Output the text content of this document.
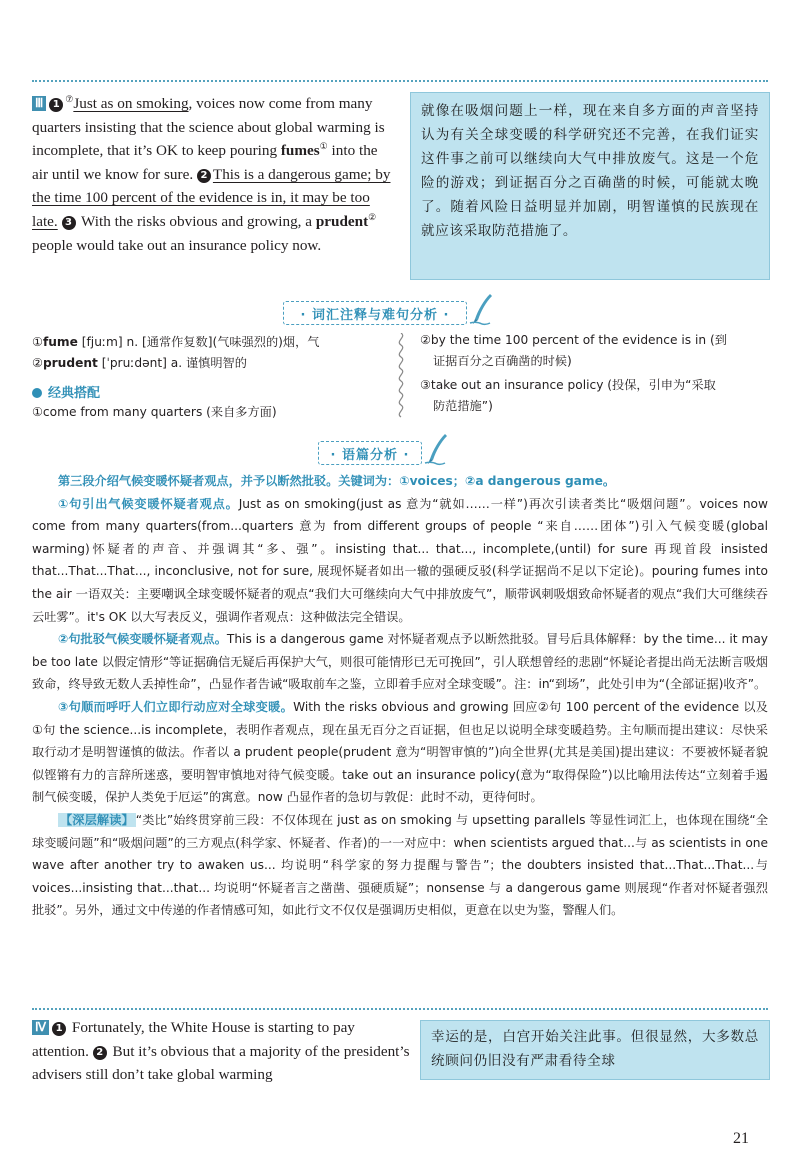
Ⅲ 1⑦Just as on smoking, voices now come from many quarters insisting that the science about global warming is incomplete, that it’s OK to keep pouring fumes① into the air until we know for sure. 2 This is a dangerous game; by the time 100 percent of the evidence is in, it may be too late. 3 With the risks obvious and growing, a prudent② people would take out an insurance policy now.
就像在吸烟问题上一样，现在来自多方面的声音坚持认为有关全球变暖的科学研究还不完善，在我们证实这件事之前可以继续向大气中排放废气。这是一个危险的游戏；到证据百分之百确凿的时候，可能就太晚了。随着风险日益明显并加剧，明智谨慎的民族现在就应该采取防范措施了。
· 词汇注释与难句分析 ·
①fume [fjuːm] n. [通常作复数](气味强烈的)烟，气
②prudent [ˈpruːdənt] a. 谨慎明智的
经典搭配
①come from many quarters (来自多方面)
②by the time 100 percent of the evidence is in (到
证据百分之百确凿的时候)
③take out an insurance policy (投保，引申为“采取
防范措施”)
· 语篇分析 ·

第三段介绍气候变暖怀疑者观点，并予以断然批驳。关键词为：①voices；②a dangerous game。

①句引出气候变暖怀疑者观点。Just as on smoking(just as 意为“就如……一样”)再次引读者类比“吸烟问题”。voices now come from many quarters(from...quarters 意为 from different groups of people “来自……团体”)引入气候变暖(global warming)怀疑者的声音、并强调其“多、强”。insisting that... that..., incomplete,(until) for sure 再现首段 insisted that...That...That..., inconclusive, not for sure, 展现怀疑者如出一辙的强硬反驳(科学证据尚不足以下定论)。pouring fumes into the air 一语双关：主要嘲讽全球变暖怀疑者的观点“我们大可继续向大气中排放废气”，顺带讽刺吸烟致命怀疑者的观点“我们大可继续吞云吐雾”。it's OK 以大写表反义，强调作者观点：这种做法完全错误。

②句批驳气候变暖怀疑者观点。This is a dangerous game 对怀疑者观点予以断然批驳。冒号后具体解释：by the time... it may be too late 以假定情形“等证据确信无疑后再保护大气，则很可能情形已无可挽回”，引人联想曾经的悲剧“怀疑论者提出尚无法断言吸烟致命，终导致无数人丢掉性命”，凸显作者告诫“吸取前车之鉴，立即着手应对全球变暖”。注：in“到场”，此处引申为“(全部证据)收齐”。

③句顺而呼吁人们立即行动应对全球变暖。With the risks obvious and growing 回应②句 100 percent of the evidence 以及①句 the science...is incomplete，表明作者观点，现在虽无百分之百证据，但也足以说明全球变暖趋势。主句顺而提出建议：尽快采取行动才是明智谨慎的做法。作者以 a prudent people(prudent 意为“明智审慎的”)向全世界(尤其是美国)提出建议：不要被怀疑者貌似铿锵有力的言辞所迷惑，要明智审慎地对待气候变暖。take out an insurance policy(意为“取得保险”)以比喻用法传达“立刻着手遏制气候变暖，保护人类免于厄运”的寓意。now 凸显作者的急切与敦促：此时不动，更待何时。

【深层解读】 “类比”始终贯穿前三段：不仅体现在 just as on smoking 与 upsetting parallels 等显性词汇上，也体现在围绕“全球变暖问题”和“吸烟问题”的三方观点(科学家、怀疑者、作者)的一一对应中：when scientists argued that...与 as scientists in one wave after another try to awaken us... 均说明“科学家的努力提醒与警告”；the doubters insisted that...That...That...与 voices...insisting that...that... 均说明“怀疑者言之凿凿、强硬质疑”；nonsense 与 a dangerous game 则展现“作者对怀疑者强烈批驳”。另外，通过文中传递的作者情感可知，如此行文不仅仅是强调历史相似，更意在以史为鉴，警醒人们。

Ⅳ 1 Fortunately, the White House is starting to pay attention. 2 But it’s obvious that a majority of the president’s advisers still don’t take global warming
幸运的是，白宫开始关注此事。但很显然，大多数总统顾问仍旧没有严肃看待全球
21
